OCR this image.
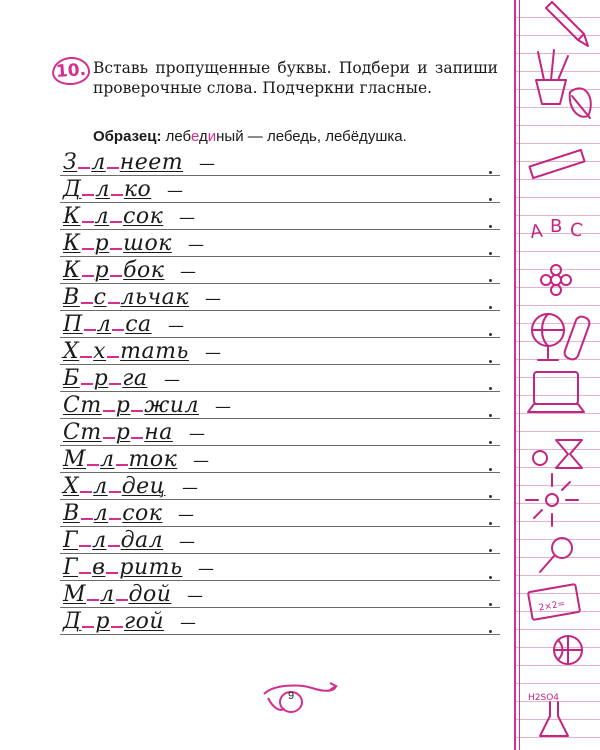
10. Вставь пропущенные буквы. Подбери и запиши проверочные слова. Подчеркни гласные.
Образец: лебединый — лебедь, лебёдушка.
З л неет —
Д л ко —
К л сок —
К р шок —
К р бок —
В с льчак —
П л са —
Х х тать —
Б р га —
Ст р жил —
Ст р на —
М л ток —
Х л дец —
В л сок —
Г л дал —
Г в рить —
М л дой —
Д р гой —
9
A B C
2×2=
H2SO4
